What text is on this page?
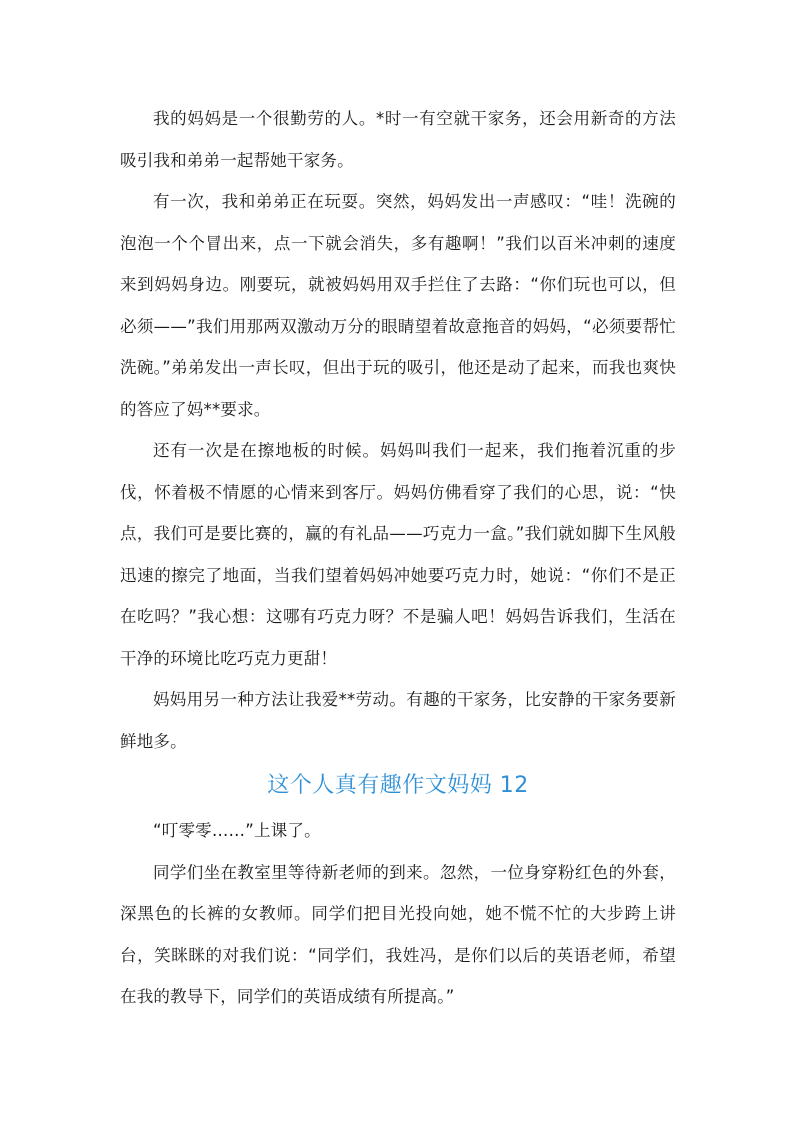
我的妈妈是一个很勤劳的人。*时一有空就干家务，还会用新奇的方法吸引我和弟弟一起帮她干家务。

有一次，我和弟弟正在玩耍。突然，妈妈发出一声感叹：“哇！洗碗的泡泡一个个冒出来，点一下就会消失，多有趣啊！”我们以百米冲刺的速度来到妈妈身边。刚要玩，就被妈妈用双手拦住了去路：“你们玩也可以，但必须——”我们用那两双激动万分的眼睛望着故意拖音的妈妈，“必须要帮忙洗碗。”弟弟发出一声长叹，但出于玩的吸引，他还是动了起来，而我也爽快的答应了妈**要求。

还有一次是在擦地板的时候。妈妈叫我们一起来，我们拖着沉重的步伐，怀着极不情愿的心情来到客厅。妈妈仿佛看穿了我们的心思，说：“快点，我们可是要比赛的，赢的有礼品——巧克力一盒。”我们就如脚下生风般迅速的擦完了地面，当我们望着妈妈冲她要巧克力时，她说：“你们不是正在吃吗？”我心想：这哪有巧克力呀？不是骗人吧！妈妈告诉我们，生活在干净的环境比吃巧克力更甜！

妈妈用另一种方法让我爱**劳动。有趣的干家务，比安静的干家务要新鲜地多。

这个人真有趣作文妈妈 12

“叮零零……”上课了。

同学们坐在教室里等待新老师的到来。忽然，一位身穿粉红色的外套，深黑色的长裤的女教师。同学们把目光投向她，她不慌不忙的大步跨上讲台，笑眯眯的对我们说：“同学们，我姓冯，是你们以后的英语老师，希望在我的教导下，同学们的英语成绩有所提高。”
